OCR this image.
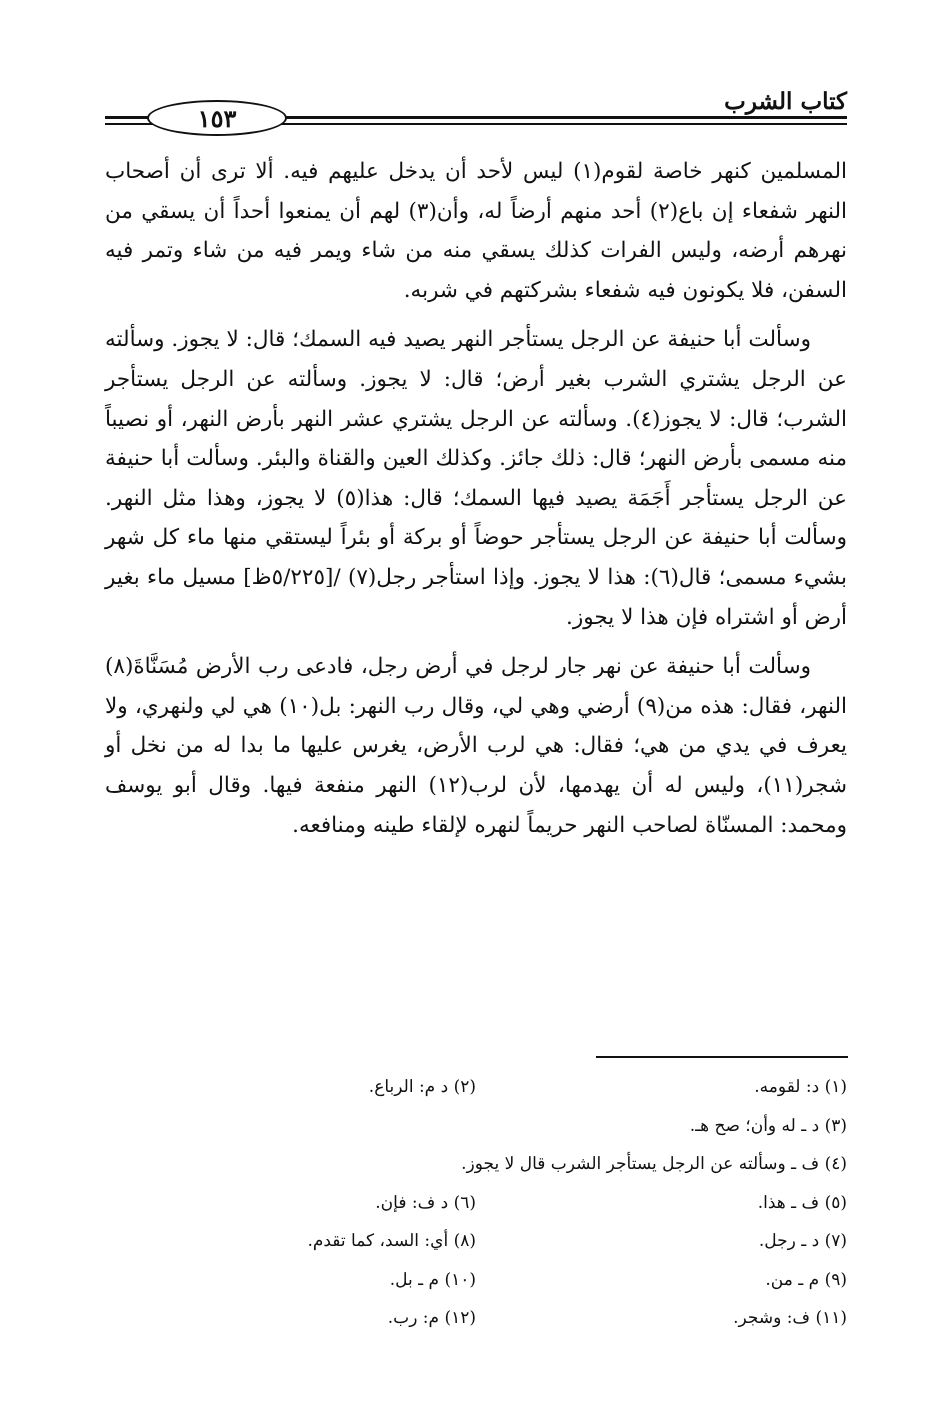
كتاب الشرب
١٥٣

المسلمين كنهر خاصة لقوم(١) ليس لأحد أن يدخل عليهم فيه. ألا ترى أن أصحاب النهر شفعاء إن باع(٢) أحد منهم أرضاً له، وأن(٣) لهم أن يمنعوا أحداً أن يسقي من نهرهم أرضه، وليس الفرات كذلك يسقي منه من شاء ويمر فيه من شاء وتمر فيه السفن، فلا يكونون فيه شفعاء بشركتهم في شربه.

وسألت أبا حنيفة عن الرجل يستأجر النهر يصيد فيه السمك؛ قال: لا يجوز. وسألته عن الرجل يشتري الشرب بغير أرض؛ قال: لا يجوز. وسألته عن الرجل يستأجر الشرب؛ قال: لا يجوز(٤). وسألته عن الرجل يشتري عشر النهر بأرض النهر، أو نصيباً منه مسمى بأرض النهر؛ قال: ذلك جائز. وكذلك العين والقناة والبئر. وسألت أبا حنيفة عن الرجل يستأجر أَجَمَة يصيد فيها السمك؛ قال: هذا(٥) لا يجوز، وهذا مثل النهر. وسألت أبا حنيفة عن الرجل يستأجر حوضاً أو بركة أو بئراً ليستقي منها ماء كل شهر بشيء مسمى؛ قال(٦): هذا لا يجوز. وإذا استأجر رجل(٧) /[٥/٢٢٥ظ] مسيل ماء بغير أرض أو اشتراه فإن هذا لا يجوز.

وسألت أبا حنيفة عن نهر جار لرجل في أرض رجل، فادعى رب الأرض مُسَنَّاةَ(٨) النهر، فقال: هذه من(٩) أرضي وهي لي، وقال رب النهر: بل(١٠) هي لي ولنهري، ولا يعرف في يدي من هي؛ فقال: هي لرب الأرض، يغرس عليها ما بدا له من نخل أو شجر(١١)، وليس له أن يهدمها، لأن لرب(١٢) النهر منفعة فيها. وقال أبو يوسف ومحمد: المسنّاة لصاحب النهر حريماً لنهره لإلقاء طينه ومنافعه.

(١) د: لقومه.
(٢) د م: الرباع.
(٣) د ـ له وأن؛ صح هـ.
(٤) ف ـ وسألته عن الرجل يستأجر الشرب قال لا يجوز.
(٥) ف ـ هذا.
(٦) د ف: فإن.
(٧) د ـ رجل.
(٨) أي: السد، كما تقدم.
(٩) م ـ من.
(١٠) م ـ بل.
(١١) ف: وشجر.
(١٢) م: رب.
